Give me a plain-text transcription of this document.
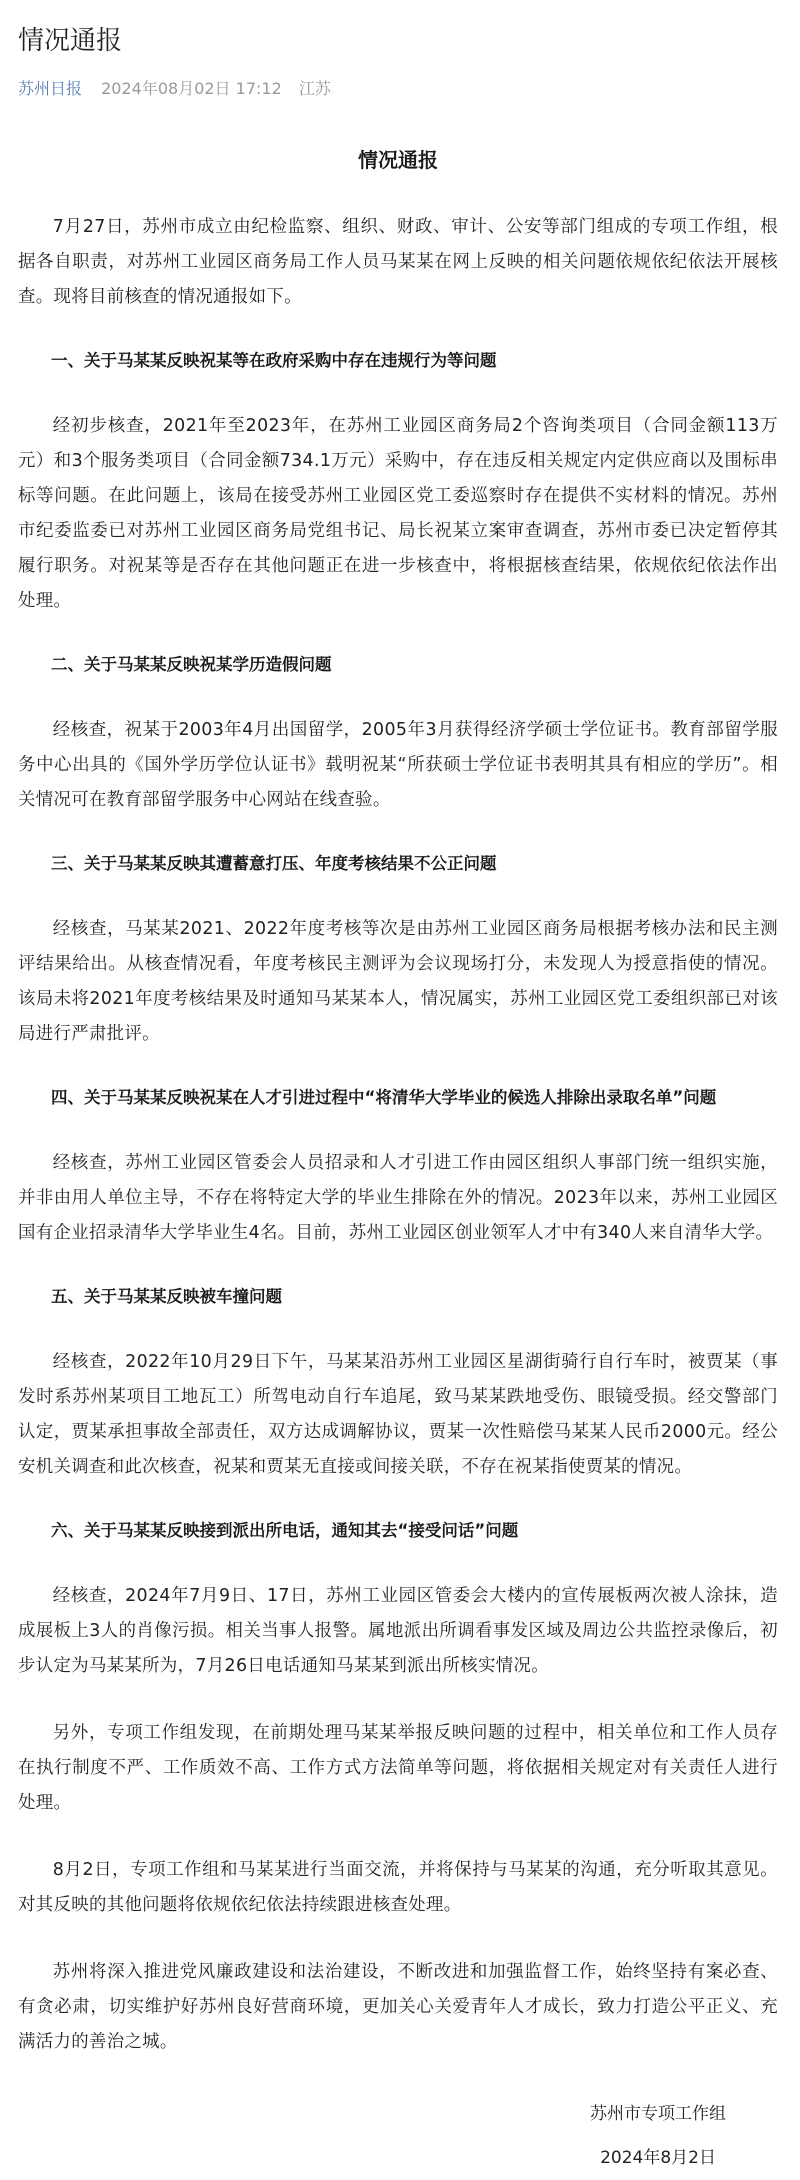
情况通报
苏州日报 2024年08月02日 17:12 江苏
情况通报

7月27日，苏州市成立由纪检监察、组织、财政、审计、公安等部门组成的专项工作组，根据各自职责，对苏州工业园区商务局工作人员马某某在网上反映的相关问题依规依纪依法开展核查。现将目前核查的情况通报如下。

一、关于马某某反映祝某等在政府采购中存在违规行为等问题

经初步核查，2021年至2023年，在苏州工业园区商务局2个咨询类项目（合同金额113万元）和3个服务类项目（合同金额734.1万元）采购中，存在违反相关规定内定供应商以及围标串标等问题。在此问题上，该局在接受苏州工业园区党工委巡察时存在提供不实材料的情况。苏州市纪委监委已对苏州工业园区商务局党组书记、局长祝某立案审查调查，苏州市委已决定暂停其履行职务。对祝某等是否存在其他问题正在进一步核查中，将根据核查结果，依规依纪依法作出处理。

二、关于马某某反映祝某学历造假问题

经核查，祝某于2003年4月出国留学，2005年3月获得经济学硕士学位证书。教育部留学服务中心出具的《国外学历学位认证书》载明祝某“所获硕士学位证书表明其具有相应的学历”。相关情况可在教育部留学服务中心网站在线查验。

三、关于马某某反映其遭蓄意打压、年度考核结果不公正问题

经核查，马某某2021、2022年度考核等次是由苏州工业园区商务局根据考核办法和民主测评结果给出。从核查情况看，年度考核民主测评为会议现场打分，未发现人为授意指使的情况。该局未将2021年度考核结果及时通知马某某本人，情况属实，苏州工业园区党工委组织部已对该局进行严肃批评。

四、关于马某某反映祝某在人才引进过程中“将清华大学毕业的候选人排除出录取名单”问题

经核查，苏州工业园区管委会人员招录和人才引进工作由园区组织人事部门统一组织实施，并非由用人单位主导，不存在将特定大学的毕业生排除在外的情况。2023年以来，苏州工业园区国有企业招录清华大学毕业生4名。目前，苏州工业园区创业领军人才中有340人来自清华大学。

五、关于马某某反映被车撞问题

经核查，2022年10月29日下午，马某某沿苏州工业园区星湖街骑行自行车时，被贾某（事发时系苏州某项目工地瓦工）所驾电动自行车追尾，致马某某跌地受伤、眼镜受损。经交警部门认定，贾某承担事故全部责任，双方达成调解协议，贾某一次性赔偿马某某人民币2000元。经公安机关调查和此次核查，祝某和贾某无直接或间接关联，不存在祝某指使贾某的情况。

六、关于马某某反映接到派出所电话，通知其去“接受问话”问题

经核查，2024年7月9日、17日，苏州工业园区管委会大楼内的宣传展板两次被人涂抹，造成展板上3人的肖像污损。相关当事人报警。属地派出所调看事发区域及周边公共监控录像后，初步认定为马某某所为，7月26日电话通知马某某到派出所核实情况。

另外，专项工作组发现，在前期处理马某某举报反映问题的过程中，相关单位和工作人员存在执行制度不严、工作质效不高、工作方式方法简单等问题，将依据相关规定对有关责任人进行处理。

8月2日，专项工作组和马某某进行当面交流，并将保持与马某某的沟通，充分听取其意见。对其反映的其他问题将依规依纪依法持续跟进核查处理。

苏州将深入推进党风廉政建设和法治建设，不断改进和加强监督工作，始终坚持有案必查、有贪必肃，切实维护好苏州良好营商环境，更加关心关爱青年人才成长，致力打造公平正义、充满活力的善治之城。

苏州市专项工作组
2024年8月2日
